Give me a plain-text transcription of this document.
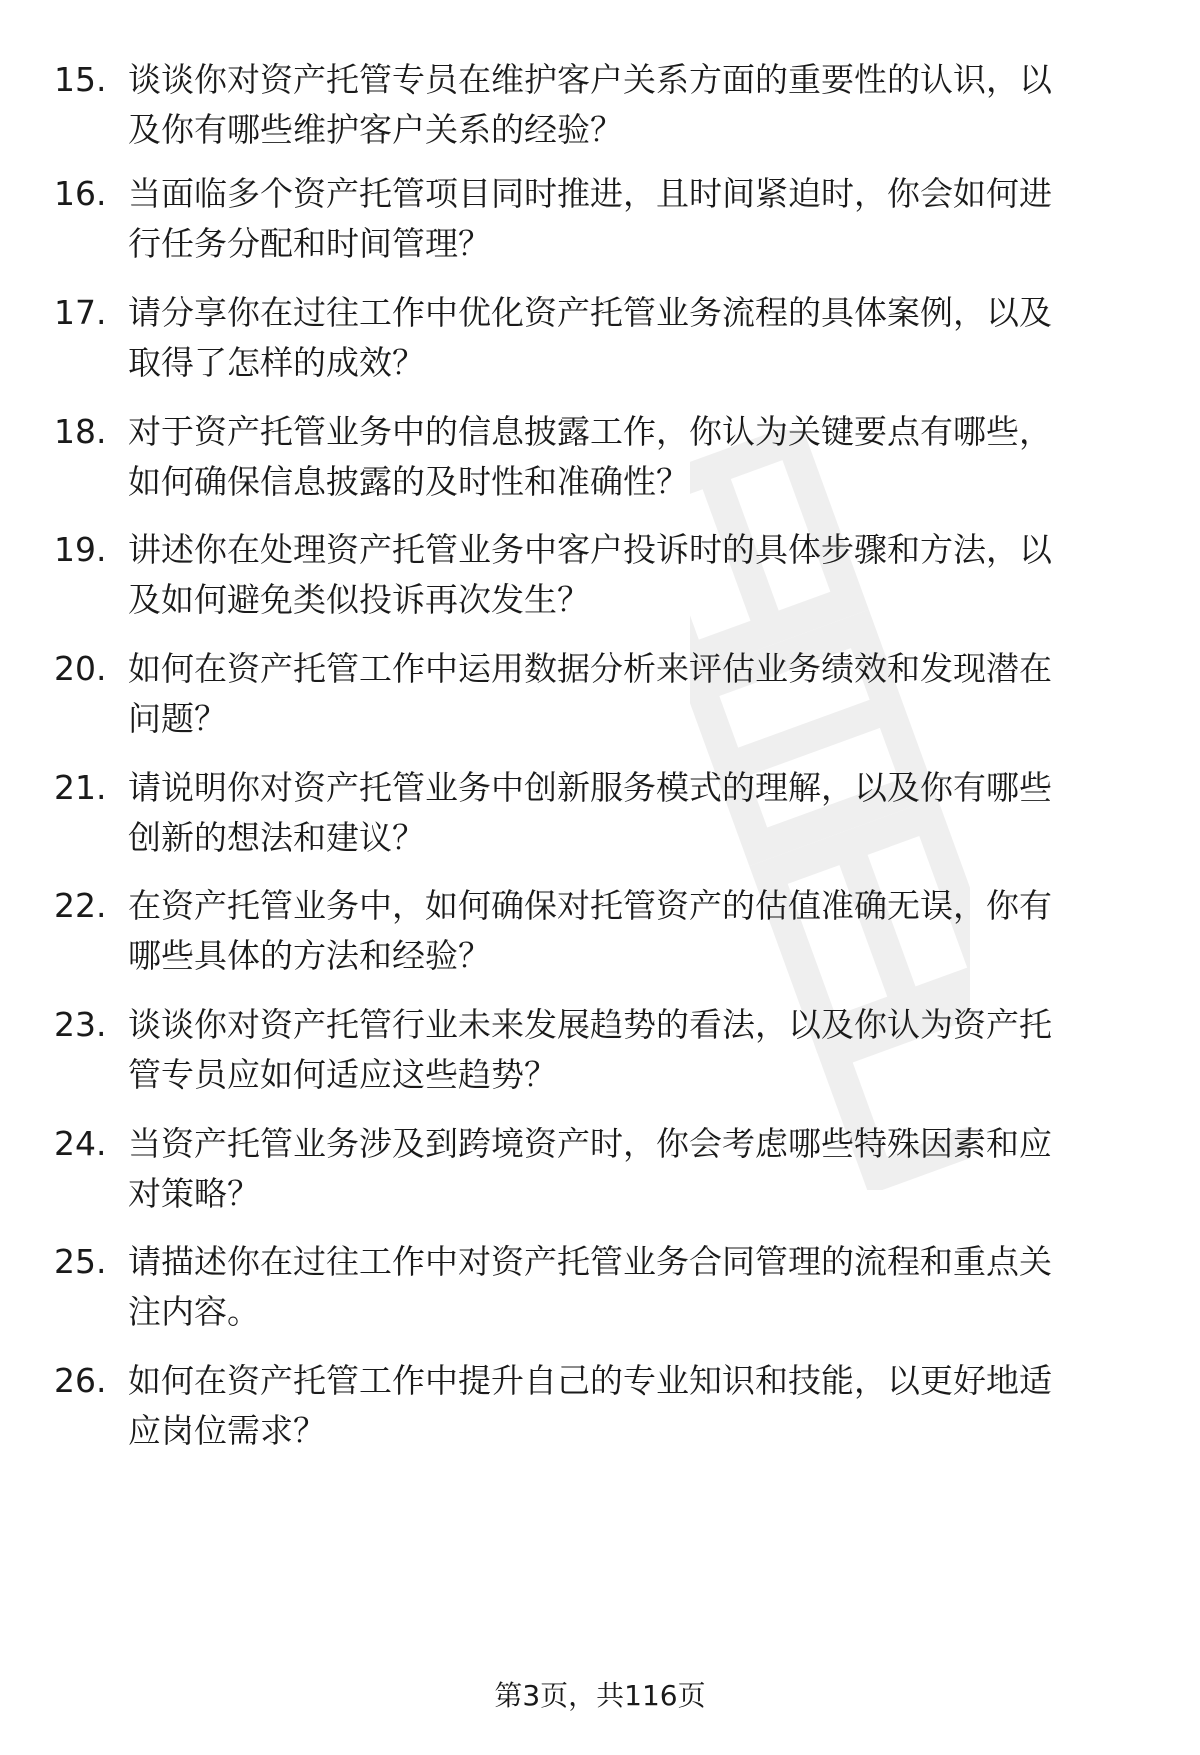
15. 谈谈你对资产托管专员在维护客户关系方面的重要性的认识，以
及你有哪些维护客户关系的经验？
16. 当面临多个资产托管项目同时推进，且时间紧迫时，你会如何进
行任务分配和时间管理？
17. 请分享你在过往工作中优化资产托管业务流程的具体案例，以及
取得了怎样的成效？
18. 对于资产托管业务中的信息披露工作，你认为关键要点有哪些，
如何确保信息披露的及时性和准确性？
19. 讲述你在处理资产托管业务中客户投诉时的具体步骤和方法，以
及如何避免类似投诉再次发生？
20. 如何在资产托管工作中运用数据分析来评估业务绩效和发现潜在
问题？
21. 请说明你对资产托管业务中创新服务模式的理解，以及你有哪些
创新的想法和建议？
22. 在资产托管业务中，如何确保对托管资产的估值准确无误，你有
哪些具体的方法和经验？
23. 谈谈你对资产托管行业未来发展趋势的看法，以及你认为资产托
管专员应如何适应这些趋势？
24. 当资产托管业务涉及到跨境资产时，你会考虑哪些特殊因素和应
对策略？
25. 请描述你在过往工作中对资产托管业务合同管理的流程和重点关
注内容。
26. 如何在资产托管工作中提升自己的专业知识和技能，以更好地适
应岗位需求？
第3页，共116页
